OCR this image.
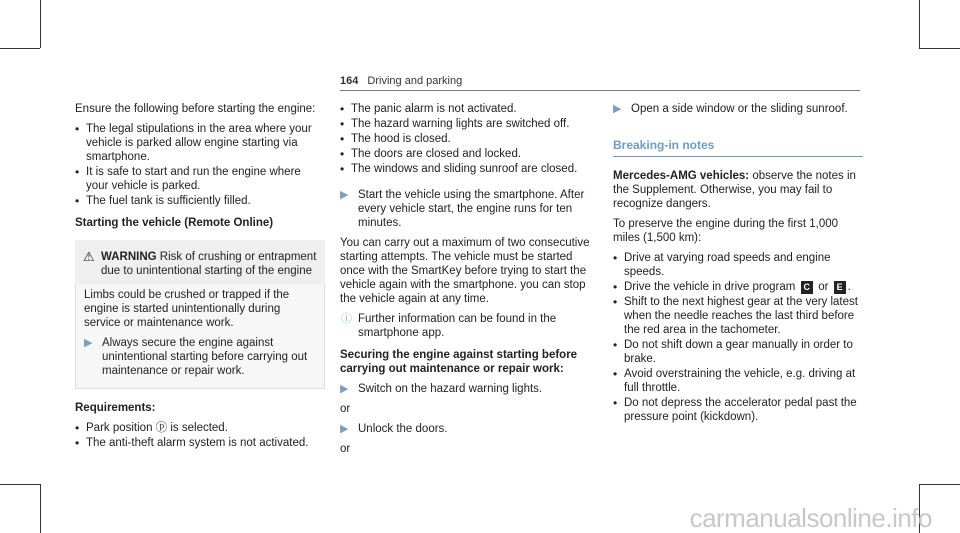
164 Driving and parking

Ensure the following before starting the engine:

• The legal stipulations in the area where your vehicle is parked allow engine starting via smartphone.
• It is safe to start and run the engine where your vehicle is parked.
• The fuel tank is sufficiently filled.
Starting the vehicle (Remote Online)
⚠ WARNING Risk of crushing or entrapment due to unintentional starting of the engine

Limbs could be crushed or trapped if the engine is started unintentionally during service or maintenance work.

▶ Always secure the engine against unintentional starting before carrying out maintenance or repair work.
Requirements:
• Park position ⓟ is selected.
• The anti-theft alarm system is not activated.
• The panic alarm is not activated.
• The hazard warning lights are switched off.
• The hood is closed.
• The doors are closed and locked.
• The windows and sliding sunroof are closed.
▶ Start the vehicle using the smartphone. After every vehicle start, the engine runs for ten minutes.

You can carry out a maximum of two consecutive starting attempts. The vehicle must be started once with the SmartKey before trying to start the vehicle again with the smartphone. you can stop the vehicle again at any time.

ⓘ Further information can be found in the smartphone app.
Securing the engine against starting before carrying out maintenance or repair work:
▶ Switch on the hazard warning lights.

or

▶ Unlock the doors.

or

▶ Open a side window or the sliding sunroof.
Breaking-in notes

Mercedes-AMG vehicles: observe the notes in the Supplement. Otherwise, you may fail to recognize dangers.

To preserve the engine during the first 1,000 miles (1,500 km):

• Drive at varying road speeds and engine speeds.
• Drive the vehicle in drive program C or E .
• Shift to the next highest gear at the very latest when the needle reaches the last third before the red area in the tachometer.
• Do not shift down a gear manually in order to brake.
• Avoid overstraining the vehicle, e.g. driving at full throttle.
• Do not depress the accelerator pedal past the pressure point (kickdown).
carmanualsonline.info
